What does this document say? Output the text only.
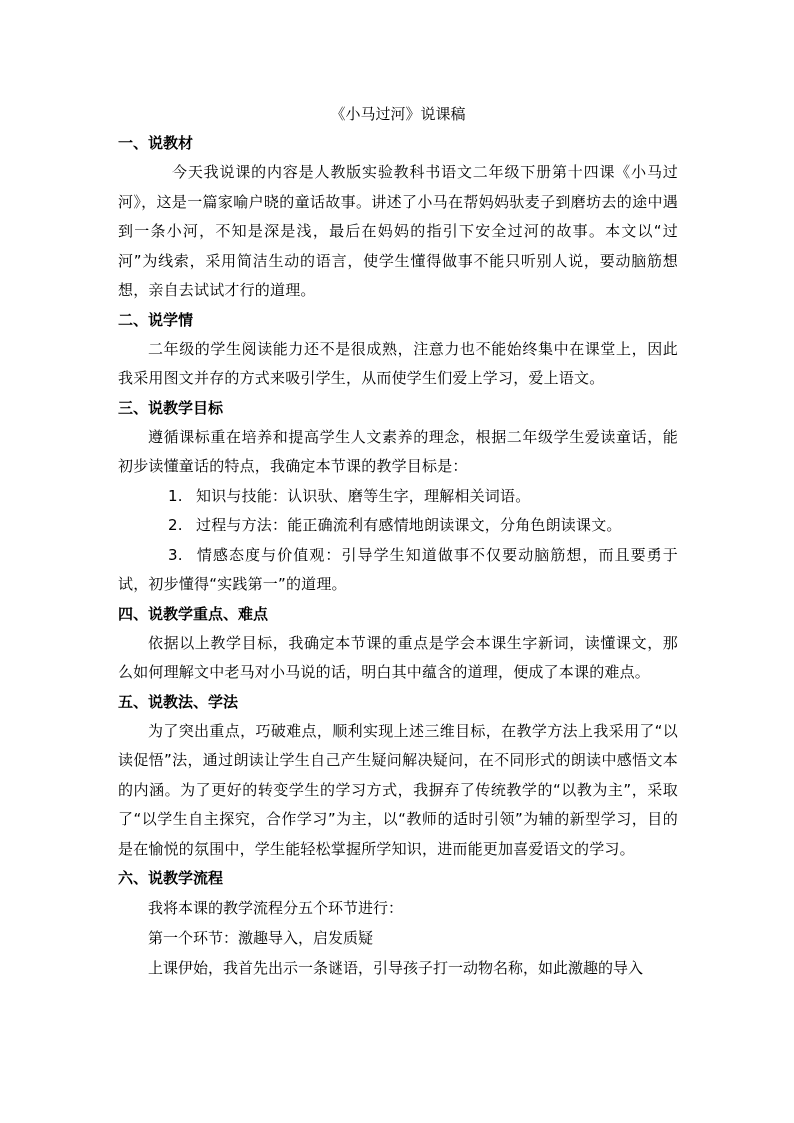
《小马过河》说课稿
一、说教材

今天我说课的内容是人教版实验教科书语文二年级下册第十四课《小马过河》，这是一篇家喻户晓的童话故事。讲述了小马在帮妈妈驮麦子到磨坊去的途中遇到一条小河，不知是深是浅，最后在妈妈的指引下安全过河的故事。本文以“过河”为线索，采用简洁生动的语言，使学生懂得做事不能只听别人说，要动脑筋想想，亲自去试试才行的道理。

二、说学情

二年级的学生阅读能力还不是很成熟，注意力也不能始终集中在课堂上，因此我采用图文并存的方式来吸引学生，从而使学生们爱上学习，爱上语文。

三、说教学目标

遵循课标重在培养和提高学生人文素养的理念，根据二年级学生爱读童话，能初步读懂童话的特点，我确定本节课的教学目标是：

1. 知识与技能：认识驮、磨等生字，理解相关词语。

2. 过程与方法：能正确流利有感情地朗读课文，分角色朗读课文。

3. 情感态度与价值观：引导学生知道做事不仅要动脑筋想，而且要勇于试，初步懂得“实践第一”的道理。

四、说教学重点、难点

依据以上教学目标，我确定本节课的重点是学会本课生字新词，读懂课文，那么如何理解文中老马对小马说的话，明白其中蕴含的道理，便成了本课的难点。

五、说教法、学法

为了突出重点，巧破难点，顺利实现上述三维目标，在教学方法上我采用了“以读促悟”法，通过朗读让学生自己产生疑问解决疑问，在不同形式的朗读中感悟文本的内涵。为了更好的转变学生的学习方式，我摒弃了传统教学的“以教为主”，采取了“以学生自主探究，合作学习”为主，以“教师的适时引领”为辅的新型学习，目的是在愉悦的氛围中，学生能轻松掌握所学知识，进而能更加喜爱语文的学习。

六、说教学流程

我将本课的教学流程分五个环节进行：

第一个环节：激趣导入，启发质疑

上课伊始，我首先出示一条谜语，引导孩子打一动物名称，如此激趣的导入
